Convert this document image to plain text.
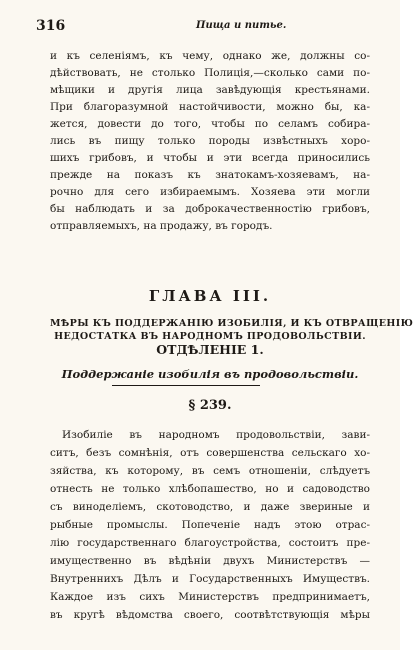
316	Пища и питье.
и къ селеніямъ, къ чему, однако же, должны со-
дѣйствовать, не столько Полиція,—сколько сами по-
мѣщики и другія лица завѣдующія крестьянами.
При благоразумной настойчивости, можно бы, ка-
жется, довести до того, чтобы по селамъ собира-
лись въ пищу только породы извѣстныхъ хоро-
шихъ грибовъ, и чтобы и эти всегда приносились
прежде на показъ къ знатокамъ-хозяевамъ, на-
рочно для сего избираемымъ. Хозяева эти могли
бы наблюдать и за доброкачественностію грибовъ,
отправляемыхъ, на продажу, въ городъ.
ГЛАВА III.
МѢРЫ КЪ ПОДДЕРЖАНІЮ ИЗОБИЛІЯ, И КЪ ОТВРАЩЕНІЮ
НЕДОСТАТКА ВЪ НАРОДНОМЪ ПРОДОВОЛЬСТВІИ.
ОТДѢЛЕНІЕ 1.
Поддержаніе изобилія въ продовольствіи.
§ 239.
Изобиліе въ народномъ продовольствіи, зави-
ситъ, безъ сомнѣнія, отъ совершенства сельскаго хо-
зяйства, къ которому, въ семъ отношеніи, слѣдуетъ
отнесть не только хлѣбопашество, но и садоводство
съ виноделіемъ, скотоводство, и даже звериные и
рыбные промыслы. Попеченіе надъ этою отрас-
лію государственнаго благоустройства, состоитъ пре-
имущественно въ вѣдѣніи двухъ Министерствъ —
Внутреннихъ Дѣлъ и Государственныхъ Имуществъ.
Каждое изъ сихъ Министерствъ предпринимаетъ,
въ кругѣ вѣдомства своего, соотвѣтствующія мѣры
